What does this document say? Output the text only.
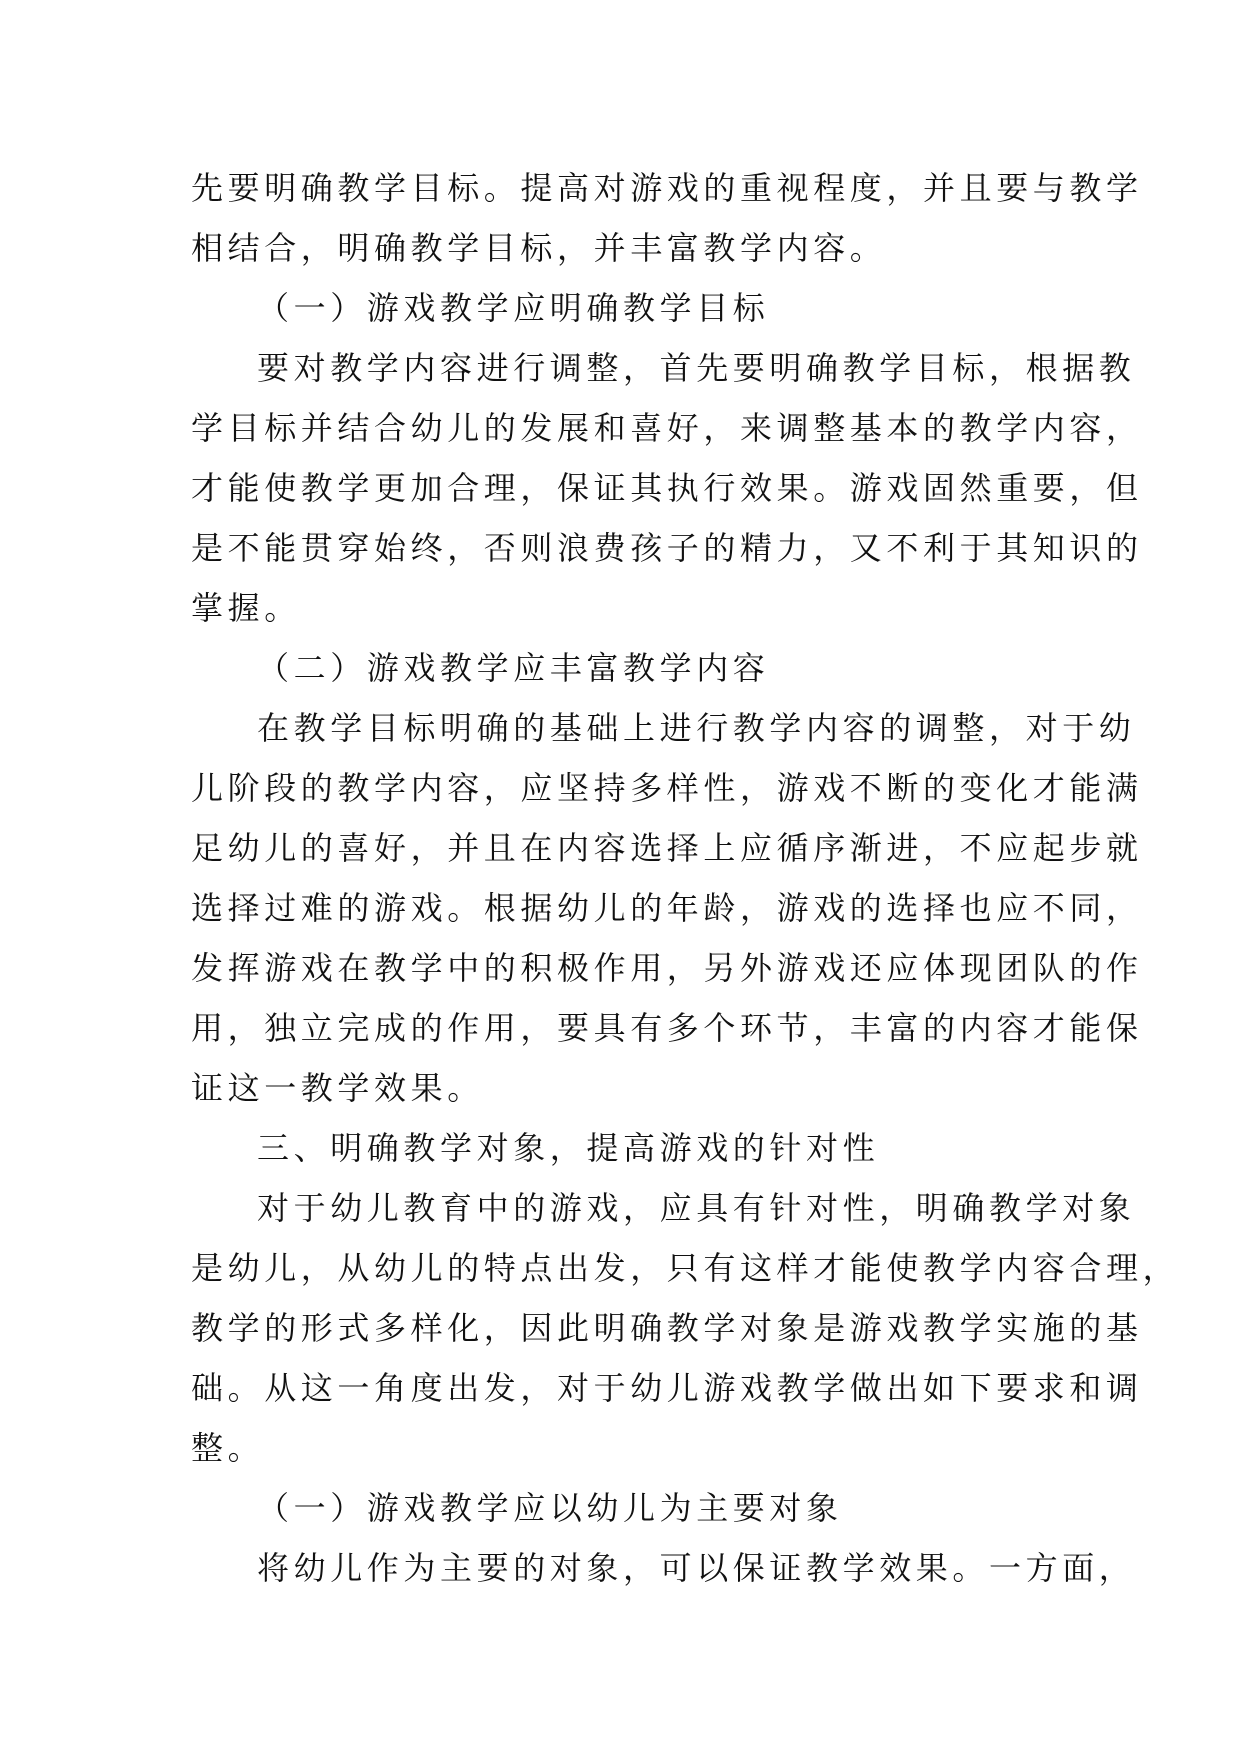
先要明确教学目标。提高对游戏的重视程度，并且要与教学
相结合，明确教学目标，并丰富教学内容。
（一）游戏教学应明确教学目标
要对教学内容进行调整，首先要明确教学目标，根据教
学目标并结合幼儿的发展和喜好，来调整基本的教学内容，
才能使教学更加合理，保证其执行效果。游戏固然重要，但
是不能贯穿始终，否则浪费孩子的精力，又不利于其知识的
掌握。
（二）游戏教学应丰富教学内容
在教学目标明确的基础上进行教学内容的调整，对于幼
儿阶段的教学内容，应坚持多样性，游戏不断的变化才能满
足幼儿的喜好，并且在内容选择上应循序渐进，不应起步就
选择过难的游戏。根据幼儿的年龄，游戏的选择也应不同，
发挥游戏在教学中的积极作用，另外游戏还应体现团队的作
用，独立完成的作用，要具有多个环节，丰富的内容才能保
证这一教学效果。
三、明确教学对象，提高游戏的针对性
对于幼儿教育中的游戏，应具有针对性，明确教学对象
是幼儿，从幼儿的特点出发，只有这样才能使教学内容合理，
教学的形式多样化，因此明确教学对象是游戏教学实施的基
础。从这一角度出发，对于幼儿游戏教学做出如下要求和调
整。
（一）游戏教学应以幼儿为主要对象
将幼儿作为主要的对象，可以保证教学效果。一方面，
